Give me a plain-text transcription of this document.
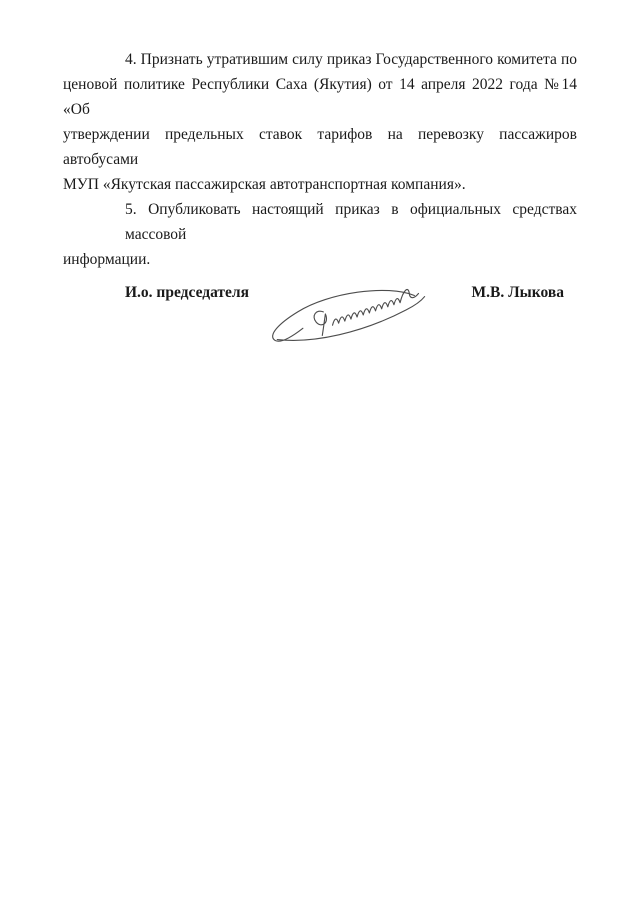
4. Признать утратившим силу приказ Государственного комитета по

ценовой политике Республики Саха (Якутия) от 14 апреля 2022 года №14 «Об

утверждении предельных ставок тарифов на перевозку пассажиров автобусами

МУП «Якутская пассажирская автотранспортная компания».

5. Опубликовать настоящий приказ в официальных средствах массовой

информации.

И.о. председателя	М.В. Лыкова
